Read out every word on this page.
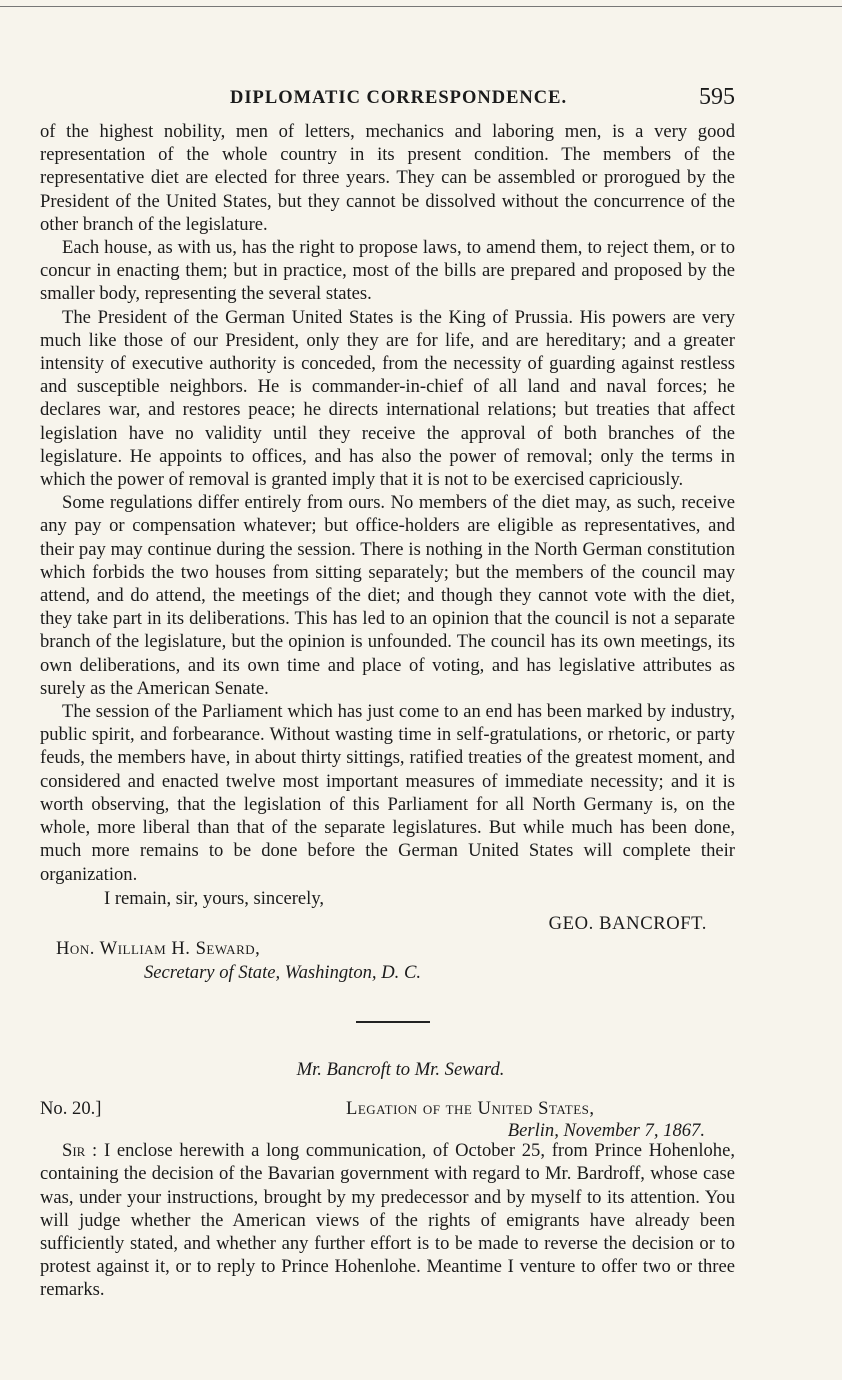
DIPLOMATIC CORRESPONDENCE.	595

of the highest nobility, men of letters, mechanics and laboring men, is a very good representation of the whole country in its present condition. The members of the representative diet are elected for three years. They can be assembled or prorogued by the President of the United States, but they cannot be dissolved without the concurrence of the other branch of the legislature.

Each house, as with us, has the right to propose laws, to amend them, to reject them, or to concur in enacting them; but in practice, most of the bills are prepared and proposed by the smaller body, representing the several states.

The President of the German United States is the King of Prussia. His powers are very much like those of our President, only they are for life, and are hereditary; and a greater intensity of executive authority is conceded, from the necessity of guarding against restless and susceptible neighbors. He is commander-in-chief of all land and naval forces; he declares war, and restores peace; he directs international relations; but treaties that affect legislation have no validity until they receive the approval of both branches of the legislature. He appoints to offices, and has also the power of removal; only the terms in which the power of removal is granted imply that it is not to be exercised capriciously.

Some regulations differ entirely from ours. No members of the diet may, as such, receive any pay or compensation whatever; but office-holders are eligible as representatives, and their pay may continue during the session. There is nothing in the North German constitution which forbids the two houses from sitting separately; but the members of the council may attend, and do attend, the meetings of the diet; and though they cannot vote with the diet, they take part in its deliberations. This has led to an opinion that the council is not a separate branch of the legislature, but the opinion is unfounded. The council has its own meetings, its own deliberations, and its own time and place of voting, and has legislative attributes as surely as the American Senate.

The session of the Parliament which has just come to an end has been marked by industry, public spirit, and forbearance. Without wasting time in self-gratulations, or rhetoric, or party feuds, the members have, in about thirty sittings, ratified treaties of the greatest moment, and considered and enacted twelve most important measures of immediate necessity; and it is worth observing, that the legislation of this Parliament for all North Germany is, on the whole, more liberal than that of the separate legislatures. But while much has been done, much more remains to be done before the German United States will complete their organization.

I remain, sir, yours, sincerely,
GEO. BANCROFT.
Hon. William H. Seward,
Secretary of State, Washington, D. C.
Mr. Bancroft to Mr. Seward.
No. 20.]	Legation of the United States,
Berlin, November 7, 1867.

Sir : I enclose herewith a long communication, of October 25, from Prince Hohenlohe, containing the decision of the Bavarian government with regard to Mr. Bardroff, whose case was, under your instructions, brought by my predecessor and by myself to its attention. You will judge whether the American views of the rights of emigrants have already been sufficiently stated, and whether any further effort is to be made to reverse the decision or to protest against it, or to reply to Prince Hohenlohe. Meantime I venture to offer two or three remarks.
